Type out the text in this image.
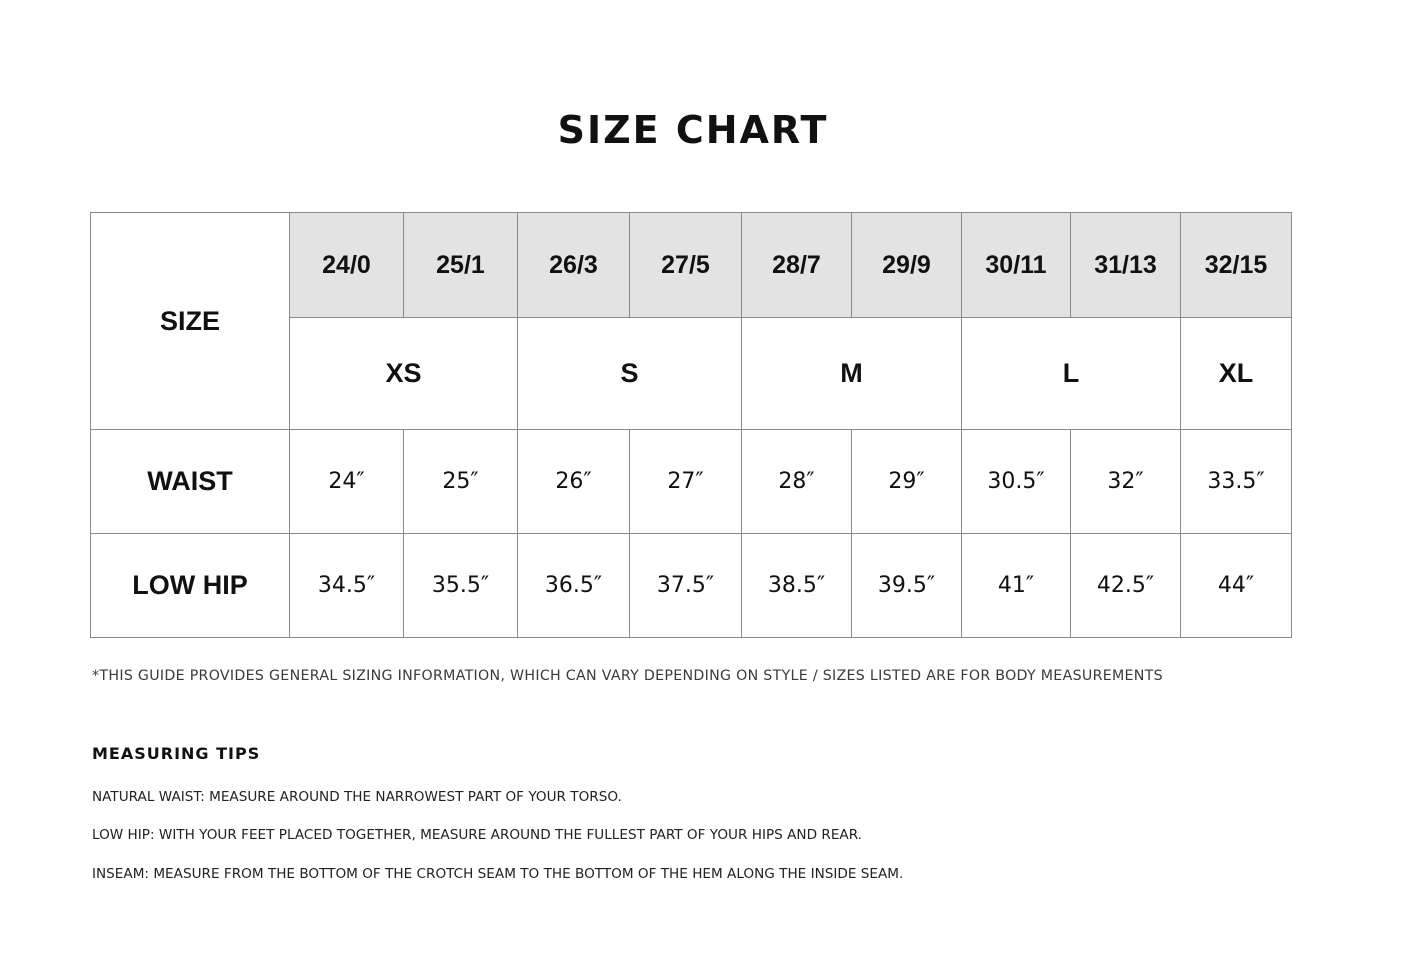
SIZE CHART
SIZE	24/0	25/1	26/3	27/5	28/7	29/9	30/11	31/13	32/15
	XS		S		M		L		XL
WAIST	24″	25″	26″	27″	28″	29″	30.5″	32″	33.5″
LOW HIP	34.5″	35.5″	36.5″	37.5″	38.5″	39.5″	41″	42.5″	44″
*THIS GUIDE PROVIDES GENERAL SIZING INFORMATION, WHICH CAN VARY DEPENDING ON STYLE / SIZES LISTED ARE FOR BODY MEASUREMENTS
MEASURING TIPS
NATURAL WAIST: MEASURE AROUND THE NARROWEST PART OF YOUR TORSO.
LOW HIP: WITH YOUR FEET PLACED TOGETHER, MEASURE AROUND THE FULLEST PART OF YOUR HIPS AND REAR.
INSEAM: MEASURE FROM THE BOTTOM OF THE CROTCH SEAM TO THE BOTTOM OF THE HEM ALONG THE INSIDE SEAM.
